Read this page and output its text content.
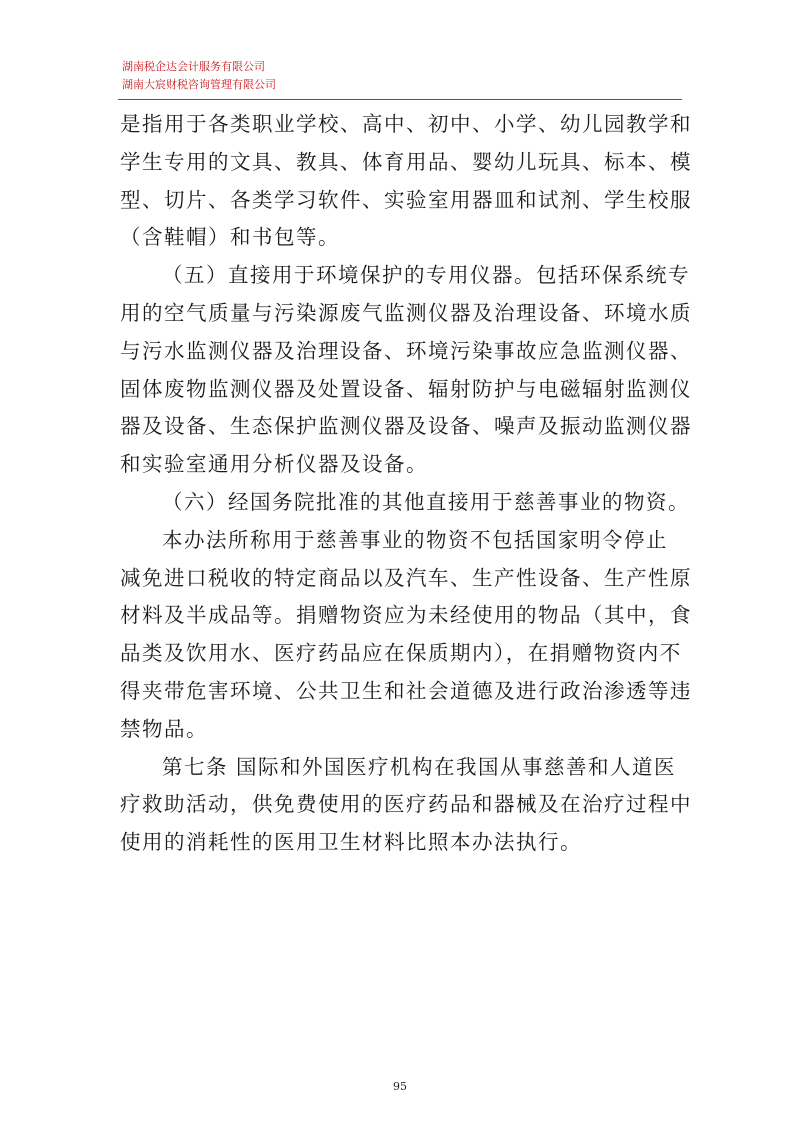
湖南税企达会计服务有限公司
湖南大宸财税咨询管理有限公司
是指用于各类职业学校、高中、初中、小学、幼儿园教学和
学生专用的文具、教具、体育用品、婴幼儿玩具、标本、模
型、切片、各类学习软件、实验室用器皿和试剂、学生校服
（含鞋帽）和书包等。
（五）直接用于环境保护的专用仪器。包括环保系统专
用的空气质量与污染源废气监测仪器及治理设备、环境水质
与污水监测仪器及治理设备、环境污染事故应急监测仪器、
固体废物监测仪器及处置设备、辐射防护与电磁辐射监测仪
器及设备、生态保护监测仪器及设备、噪声及振动监测仪器
和实验室通用分析仪器及设备。
（六）经国务院批准的其他直接用于慈善事业的物资。
本办法所称用于慈善事业的物资不包括国家明令停止
减免进口税收的特定商品以及汽车、生产性设备、生产性原
材料及半成品等。捐赠物资应为未经使用的物品（其中，食
品类及饮用水、医疗药品应在保质期内），在捐赠物资内不
得夹带危害环境、公共卫生和社会道德及进行政治渗透等违
禁物品。
第七条 国际和外国医疗机构在我国从事慈善和人道医
疗救助活动，供免费使用的医疗药品和器械及在治疗过程中
使用的消耗性的医用卫生材料比照本办法执行。
95
